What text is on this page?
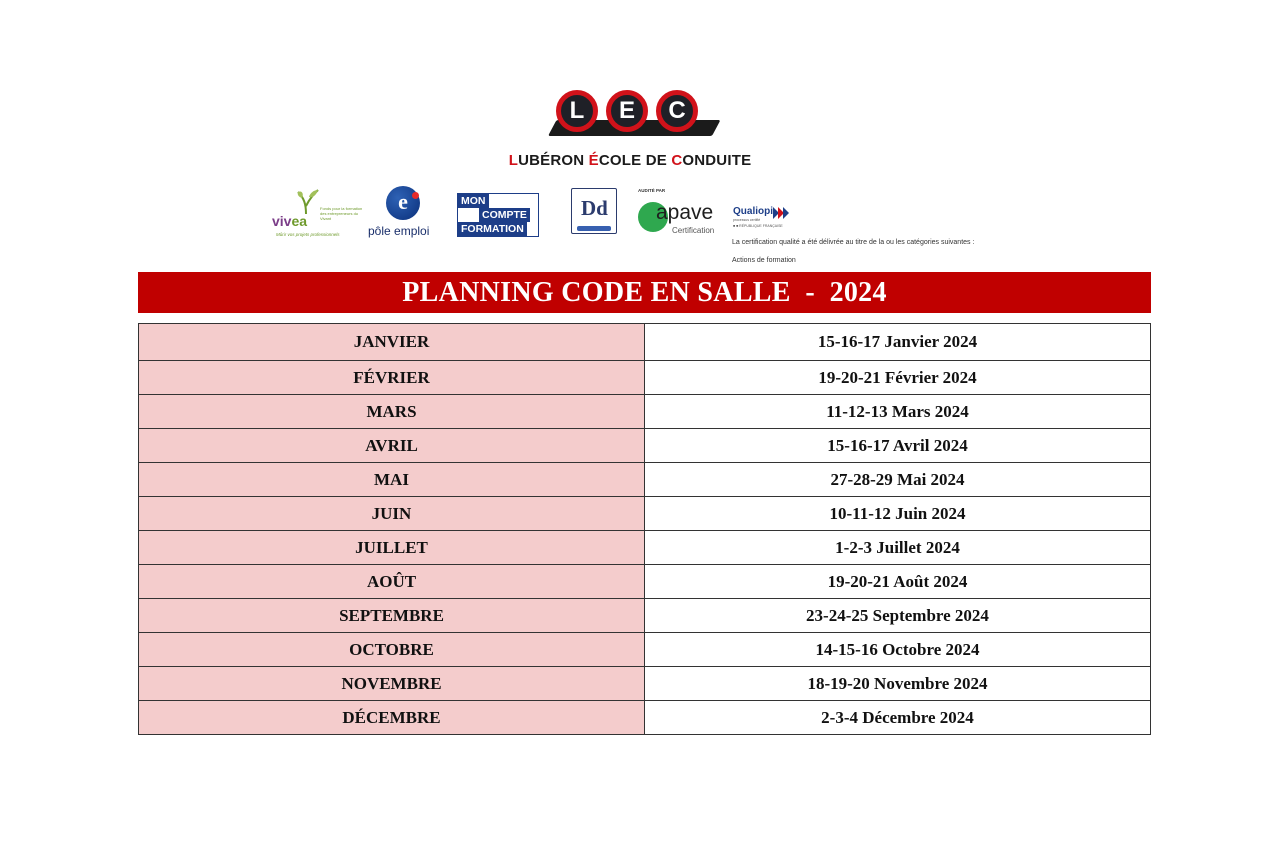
L	E	C
LUBÉRON ÉCOLE DE CONDUITE
vivea
Fonds pour la formation des entrepreneurs du Vivant
Mûrir vos projets professionnels
e
pôle emploi
MON
COMPTE
FORMATION
Dd
AUDITÉ PAR
apave
Certification
Qualiopi
processus certifié
■ ■ RÉPUBLIQUE FRANÇAISE
La certification qualité a été délivrée au titre de la ou les catégories suivantes :
Actions de formation
PLANNING CODE EN SALLE  -  2024
JANVIER	15-16-17 Janvier 2024
FÉVRIER	19-20-21 Février 2024
MARS	11-12-13 Mars 2024
AVRIL	15-16-17 Avril 2024
MAI	27-28-29 Mai 2024
JUIN	10-11-12 Juin 2024
JUILLET	1-2-3 Juillet 2024
AOÛT	19-20-21 Août 2024
SEPTEMBRE	23-24-25 Septembre 2024
OCTOBRE	14-15-16 Octobre 2024
NOVEMBRE	18-19-20 Novembre 2024
DÉCEMBRE	2-3-4 Décembre 2024
